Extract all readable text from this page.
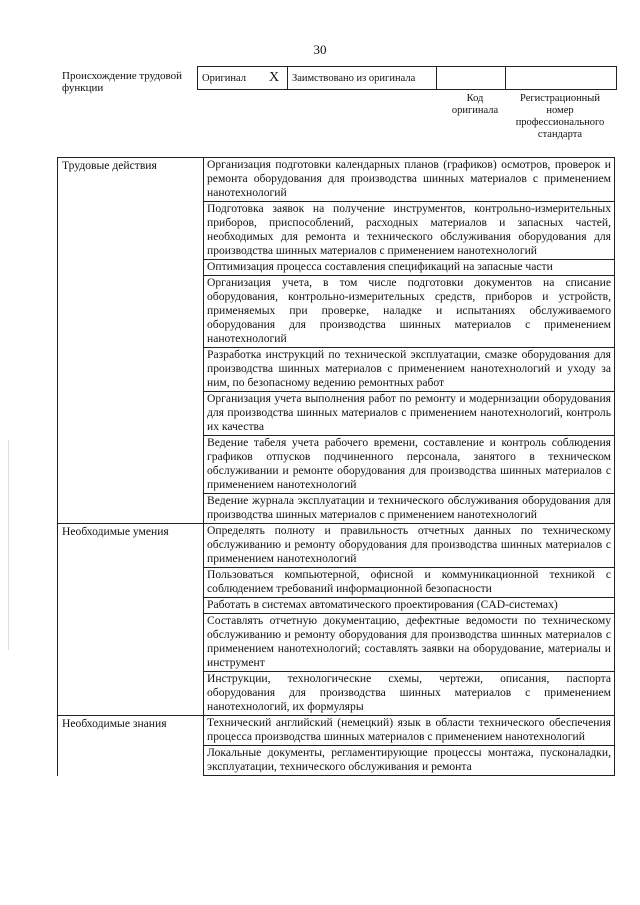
30
Происхождение трудовой функции
Оригинал	X	Заимствовано из оригинала		
Код оригинала
Регистрационный номер профессионального стандарта
Трудовые действия	Организация подготовки календарных планов (графиков) осмотров, проверок и ремонта оборудования для производства шинных материалов с применением нанотехнологий
	Подготовка заявок на получение инструментов, контрольно-измерительных приборов, приспособлений, расходных материалов и запасных частей, необходимых для ремонта и технического обслуживания оборудования для производства шинных материалов с применением нанотехнологий
	Оптимизация процесса составления спецификаций на запасные части
	Организация учета, в том числе подготовки документов на списание оборудования, контрольно-измерительных средств, приборов и устройств, применяемых при проверке, наладке и испытаниях обслуживаемого оборудования для производства шинных материалов с применением нанотехнологий
	Разработка инструкций по технической эксплуатации, смазке оборудования для производства шинных материалов с применением нанотехнологий и уходу за ним, по безопасному ведению ремонтных работ
	Организация учета выполнения работ по ремонту и модернизации оборудования для производства шинных материалов с применением нанотехнологий, контроль их качества
	Ведение табеля учета рабочего времени, составление и контроль соблюдения графиков отпусков подчиненного персонала, занятого в техническом обслуживании и ремонте оборудования для производства шинных материалов с применением нанотехнологий
	Ведение журнала эксплуатации и технического обслуживания оборудования для производства шинных материалов с применением нанотехнологий
Необходимые умения	Определять полноту и правильность отчетных данных по техническому обслуживанию и ремонту оборудования для производства шинных материалов с применением нанотехнологий
	Пользоваться компьютерной, офисной и коммуникационной техникой с соблюдением требований информационной безопасности
	Работать в системах автоматического проектирования (CAD-системах)
	Составлять отчетную документацию, дефектные ведомости по техническому обслуживанию и ремонту оборудования для производства шинных материалов с применением нанотехнологий; составлять заявки на оборудование, материалы и инструмент
	Инструкции, технологические схемы, чертежи, описания, паспорта оборудования для производства шинных материалов с применением нанотехнологий, их формуляры
Необходимые знания	Технический английский (немецкий) язык в области технического обеспечения процесса производства шинных материалов с применением нанотехнологий
	Локальные документы, регламентирующие процессы монтажа, пусконаладки, эксплуатации, технического обслуживания и ремонта
